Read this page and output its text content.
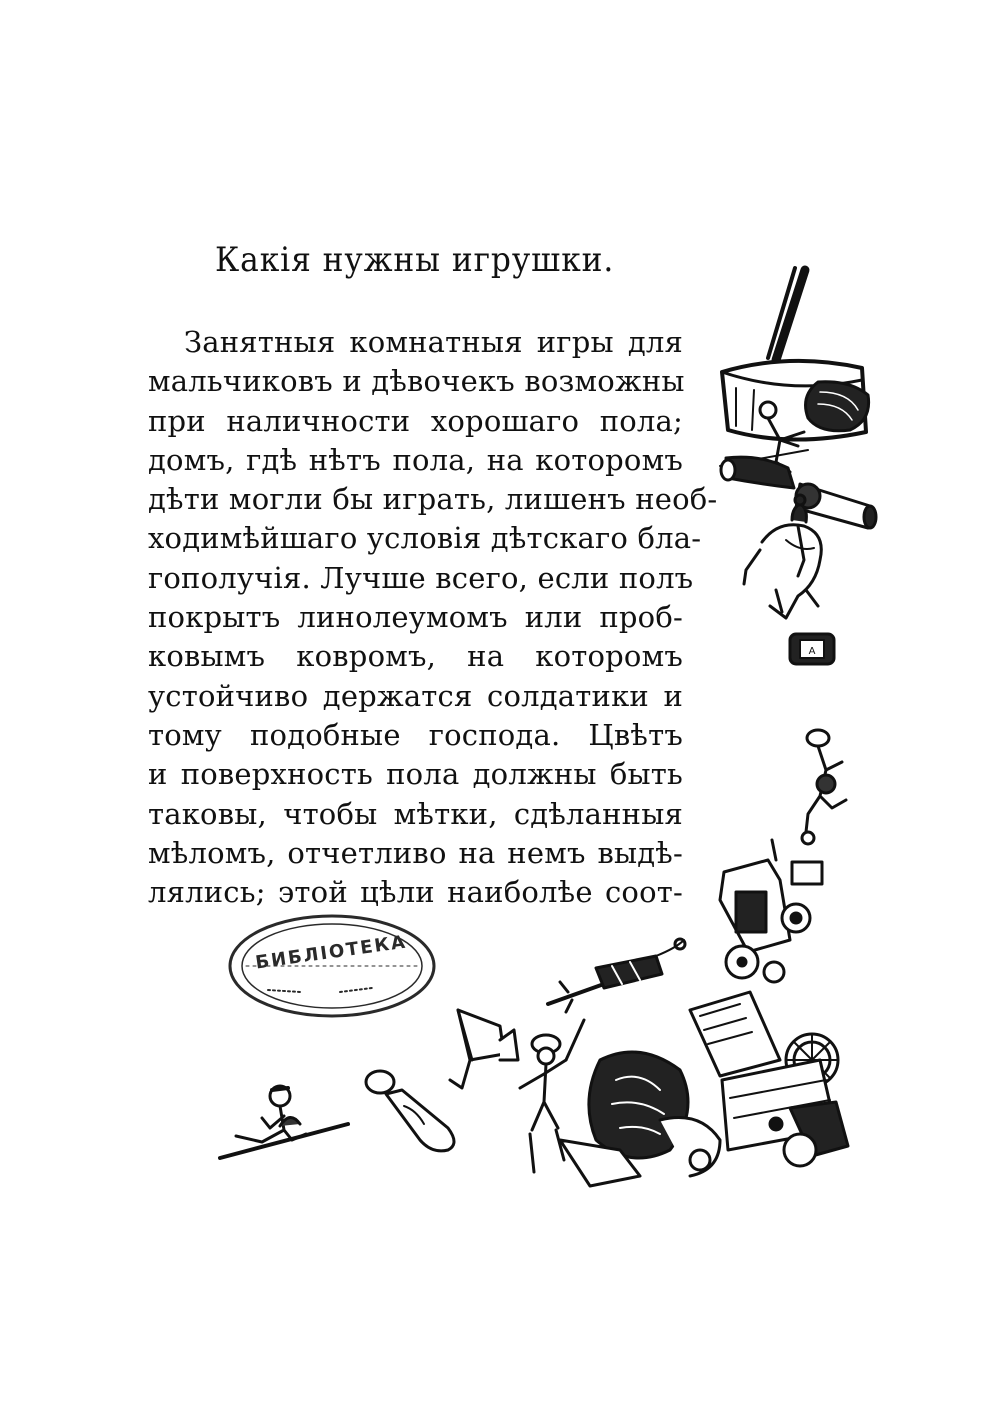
Какія нужны игрушки.
Занятныя комнатныя игры для
мальчиковъ и дѣвочекъ возможны
при наличности хорошаго пола;
домъ, гдѣ нѣтъ пола, на которомъ
дѣти могли бы играть, лишенъ необ-
ходимѣйшаго условія дѣтскаго бла-
гополучія. Лучше всего, если полъ
покрытъ линолеумомъ или проб-
ковымъ ковромъ, на которомъ
устойчиво держатся солдатики и
тому подобные господа. Цвѣтъ
и поверхность пола должны быть
таковы, чтобы мѣтки, сдѣланныя
мѣломъ, отчетливо на немъ выдѣ-
лялись; этой цѣли наиболѣе соот-
A
БИБЛІОТЕКА
